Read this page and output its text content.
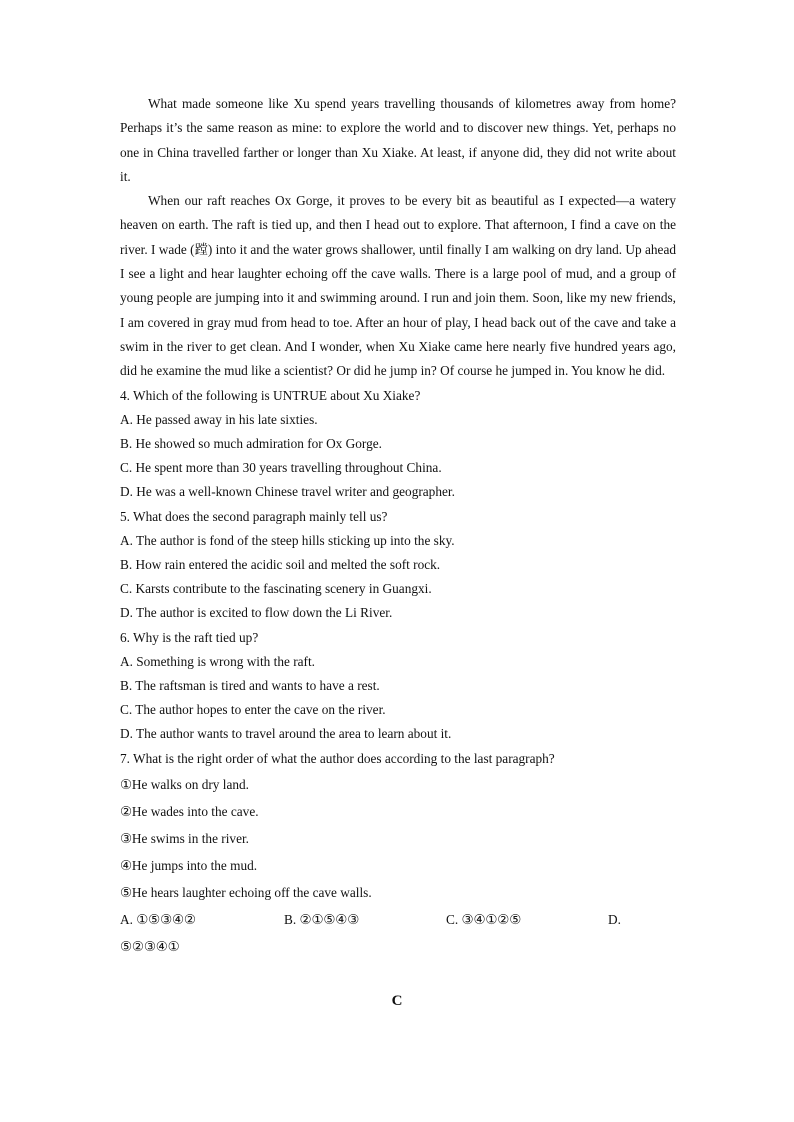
What made someone like Xu spend years travelling thousands of kilometres away from home? Perhaps it’s the same reason as mine: to explore the world and to discover new things. Yet, perhaps no one in China travelled farther or longer than Xu Xiake. At least, if anyone did, they did not write about it.

When our raft reaches Ox Gorge, it proves to be every bit as beautiful as I expected—a watery heaven on earth. The raft is tied up, and then I head out to explore. That afternoon, I find a cave on the river. I wade (蹚) into it and the water grows shallower, until finally I am walking on dry land. Up ahead I see a light and hear laughter echoing off the cave walls. There is a large pool of mud, and a group of young people are jumping into it and swimming around. I run and join them. Soon, like my new friends, I am covered in gray mud from head to toe. After an hour of play, I head back out of the cave and take a swim in the river to get clean. And I wonder, when Xu Xiake came here nearly five hundred years ago, did he examine the mud like a scientist? Or did he jump in? Of course he jumped in. You know he did.

4. Which of the following is UNTRUE about Xu Xiake?

A. He passed away in his late sixties.

B. He showed so much admiration for Ox Gorge.

C. He spent more than 30 years travelling throughout China.

D. He was a well-known Chinese travel writer and geographer.

5. What does the second paragraph mainly tell us?

A. The author is fond of the steep hills sticking up into the sky.

B. How rain entered the acidic soil and melted the soft rock.

C. Karsts contribute to the fascinating scenery in Guangxi.

D. The author is excited to flow down the Li River.

6. Why is the raft tied up?

A. Something is wrong with the raft.

B. The raftsman is tired and wants to have a rest.

C. The author hopes to enter the cave on the river.

D. The author wants to travel around the area to learn about it.

7. What is the right order of what the author does according to the last paragraph?

①He walks on dry land.

②He wades into the cave.

③He swims in the river.

④He jumps into the mud.

⑤He hears laughter echoing off the cave walls.

A. ①⑤③④②	B. ②①⑤④③	C. ③④①②⑤	D.

⑤②③④①

C
